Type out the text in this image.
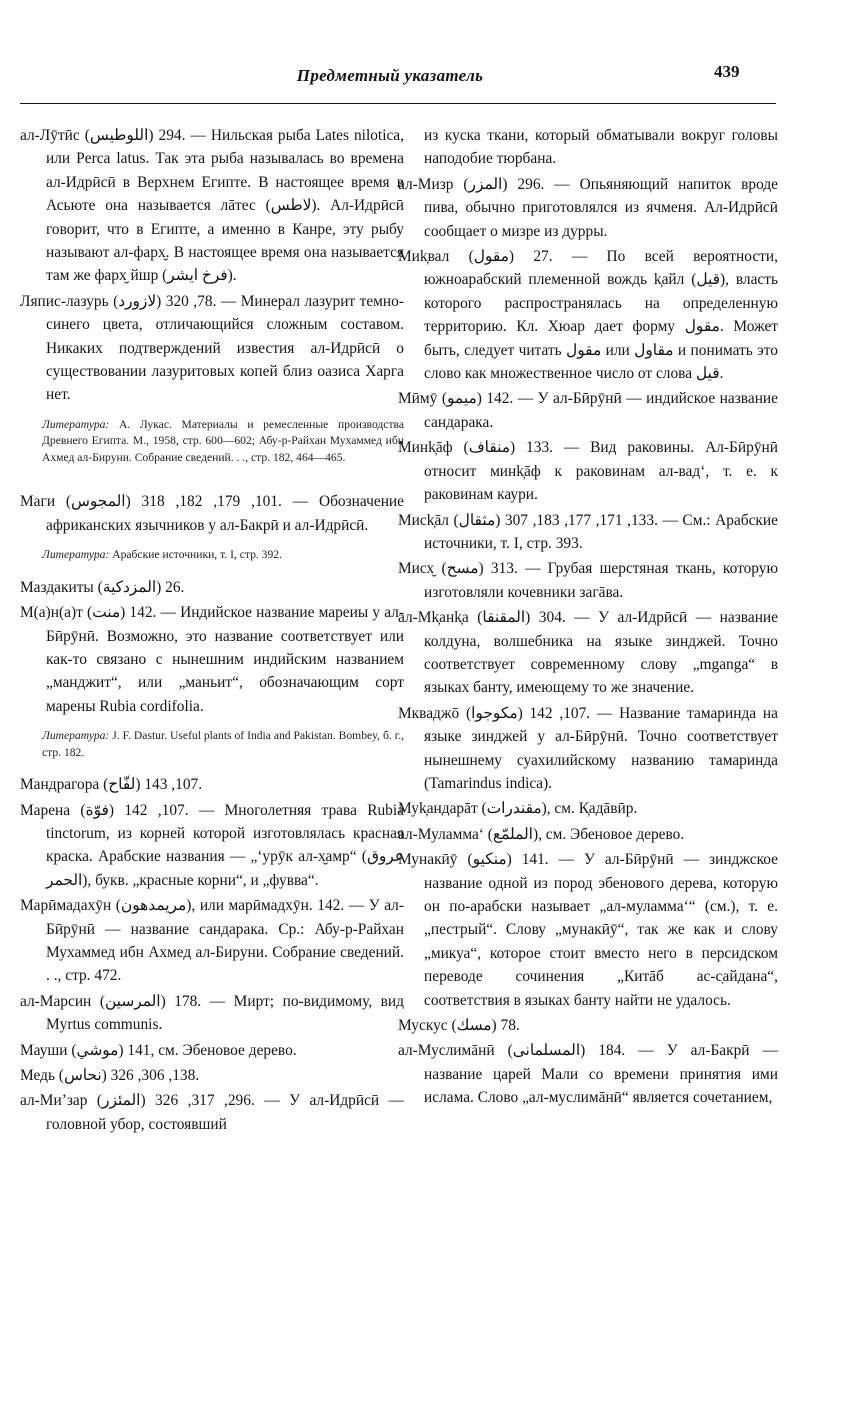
Предметный указатель	439
ал-Лӯтӣс (اللوطيس) 294. — Нильская рыба Lates nilotica, или Perca latus. Так эта рыба называлась во времена ал-Идрӣсӣ в Верхнем Египте. В настоящее время в Асьюте она называется лāтес (لاطس). Ал-Идрӣсӣ говорит, что в Египте, а именно в Канре, эту рыбу называют ал-фарх̮. В настоящее время она называется там же фарх̮ йшр (فرخ ايشر).
Ляпис-лазурь (لازورد) 78, 320. — Минерал лазурит темно-синего цвета, отличающийся сложным составом. Никаких подтверждений известия ал-Идрӣсӣ о существовании лазуритовых копей близ оазиса Харга нет.
Литература: А. Лукас. Материалы и ремесленные производства Древнего Египта. М., 1958, стр. 600—602; Абу-р-Райхан Мухаммед ибн Ахмед ал-Бируни. Собрание сведений. . ., стр. 182, 464—465.
Маги (المجوس) 101, 179, 182, 318. — Обозначение африканских язычников у ал-Бакрӣ и ал-Идрӣсӣ.
Литература: Арабские источники, т. I, стр. 392.
Маздакиты (المزدكية) 26.
М(а)н(а)т (منت) 142. — Индийское название мареиы у ал-Бӣрӯнӣ. Возможно, это название соответствует или как-то связано с нынешним индийским названием „манджит“, или „маньит“, обозначающим сорт марены Rubia cordifolia.
Литература: J. F. Dastur. Useful plants of India and Pakistan. Bombey, б. г., стр. 182.
Мандрагора (لفّاح) 107, 143.
Марена (فوّة) 107, 142. — Многолетняя трава Rubia tinctorum, из корней которой изготовлялась красная краска. Арабские названия — „ʻурӯк ал-х̮амр“ (عروق الحمر), букв. „красные корни“, и „фувва“.
Марӣмадахӯн (مريمدهون), или марӣмадхӯн. 142. — У ал-Бӣрӯнӣ — название сандарака. Ср.: Абу-р-Райхан Мухаммед ибн Ахмед ал-Бируни. Собрание сведений. . ., стр. 472.
ал-Марсин (المرسين) 178. — Мирт; по-видимому, вид Myrtus communis.
Мауши (موشي) 141, см. Эбеновое дерево.
Медь (نحاس) 138, 306, 326.
ал-Ми’зар (المئزر) 296, 317, 326. — У ал-Идрӣсӣ — головной убор, состоявший
из куска ткани, который обматывали вокруг головы наподобие тюрбана.
ал-Мизр (المزر) 296. — Опьяняющий напиток вроде пива, обычно приготовлялся из ячменя. Ал-Идрӣсӣ сообщает о мизре из дурры.
Миk̦вал (مقول) 27. — По всей вероятности, южноарабский племенной вождь k̦айл (قيل), власть которого распространялась на определенную территорию. Кл. Хюар дает форму مقول. Может быть, следует читать مقول или مقاول и понимать это слово как множественное число от слова قيل.
Мӣмӯ (ميمو) 142. — У ал-Бӣрӯнӣ — индийское название сандарака.
Минk̦āф (منقاف) 133. — Вид раковины. Ал-Бӣрӯнӣ относит минk̦āф к раковинам ал-вад‘, т. е. к раковинам каури.
Мисk̦āл (مثقال) 133, 171, 177, 183, 307. — См.: Арабские источники, т. I, стр. 393.
Мисх̮ (مسح) 313. — Грубая шерстяная ткань, которую изготовляли кочевники загāва.
ал-Мk̦анk̦а (المقنقا) 304. — У ал-Идрӣсӣ — название колдуна, волшебника на языке зинджей. Точно соответствует современному слову „mganga“ в языках банту, имеющему то же значение.
Мкваджō (مكوجوا) 107, 142. — Название тамаринда на языке зинджей у ал-Бӣрӯнӣ. Точно соответствует нынешнему суахилийскому названию тамаринда (Tamarindus indica).
Муk̦андарāт (مقندرات), см. К̦адāвӣр.
ал-Муламмаʻ (الملمّع), см. Эбеновое дерево.
Мунакӣӯ (منكيو) 141. — У ал-Бӣрӯнӣ — зинджское название одной из пород эбенового дерева, которую он по-арабски называет „ал-муламмаʻ“ (см.), т. е. „пестрый“. Слову „мунакӣӯ“, так же как и слову „микуа“, которое стоит вместо него в персидском переводе сочинения „Китāб ас-с̣айдана“, соответствия в языках банту найти не удалось.
Мускус (مسك) 78.
ал-Муслимāнӣ (المسلمانى) 184. — У ал-Бакрӣ — название царей Мали со времени принятия ими ислама. Слово „ал-муслимāнӣ“ является сочетанием,
